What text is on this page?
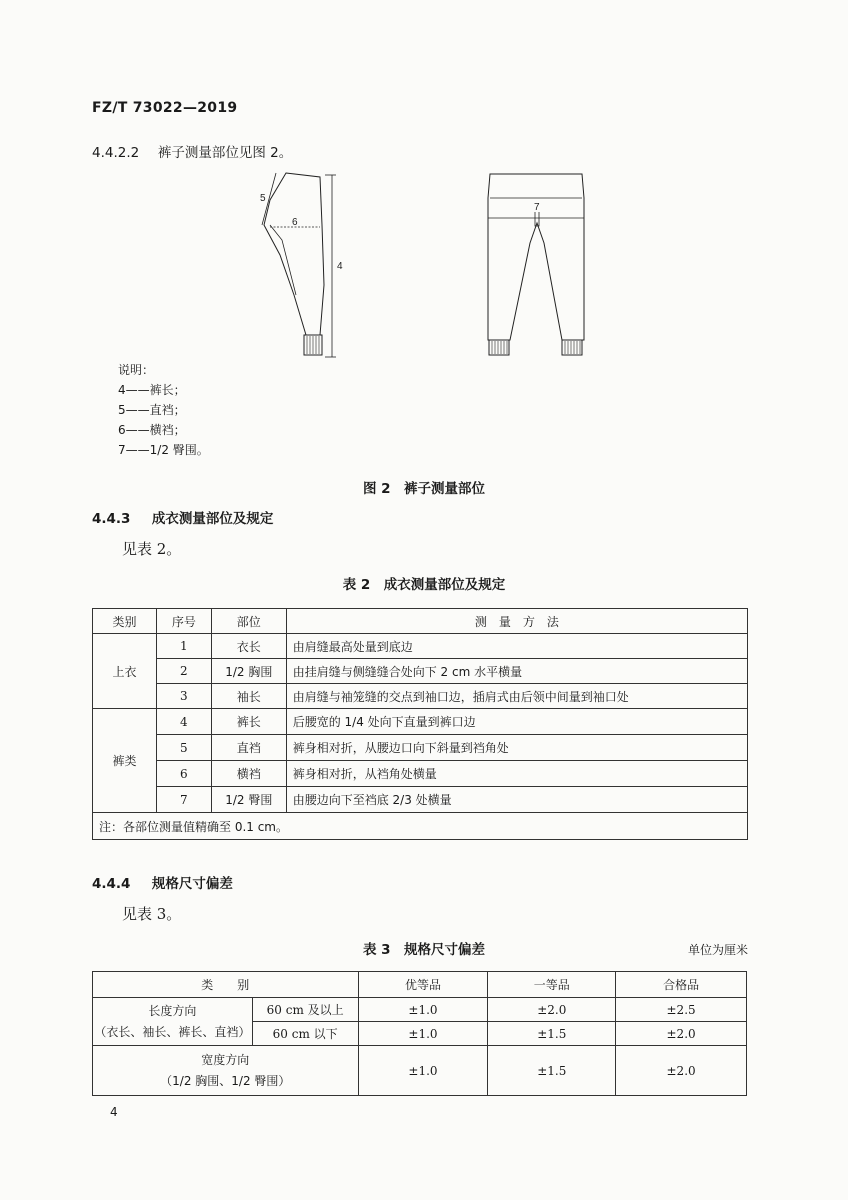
FZ/T 73022—2019
4.4.2.2 裤子测量部位见图 2。
5
6
4
7
说明：
4——裤长；
5——直裆；
6——横裆；
7——1/2 臀围。
图 2　裤子测量部位
4.4.3 成衣测量部位及规定
见表 2。
表 2　成衣测量部位及规定
类别	序号	部位	测　量　方　法
上衣	1	衣长	由肩缝最高处量到底边
	2	1/2 胸围	由挂肩缝与侧缝缝合处向下 2 cm 水平横量
	3	袖长	由肩缝与袖笼缝的交点到袖口边，插肩式由后领中间量到袖口处
裤类	4	裤长	后腰宽的 1/4 处向下直量到裤口边
	5	直裆	裤身相对折，从腰边口向下斜量到裆角处
	6	横裆	裤身相对折，从裆角处横量
	7	1/2 臀围	由腰边向下至裆底 2/3 处横量
注：各部位测量值精确至 0.1 cm。			
4.4.4 规格尺寸偏差
见表 3。
表 3　规格尺寸偏差	单位为厘米
类　　别		优等品	一等品	合格品

长度方向
（衣长、袖长、裤长、直裆）	60 cm 及以上	±1.0	±2.0	±2.5
	60 cm 以下	±1.0	±1.5	±2.0

宽度方向
（1/2 胸围、1/2 臀围）		±1.0	±1.5	±2.0
4
